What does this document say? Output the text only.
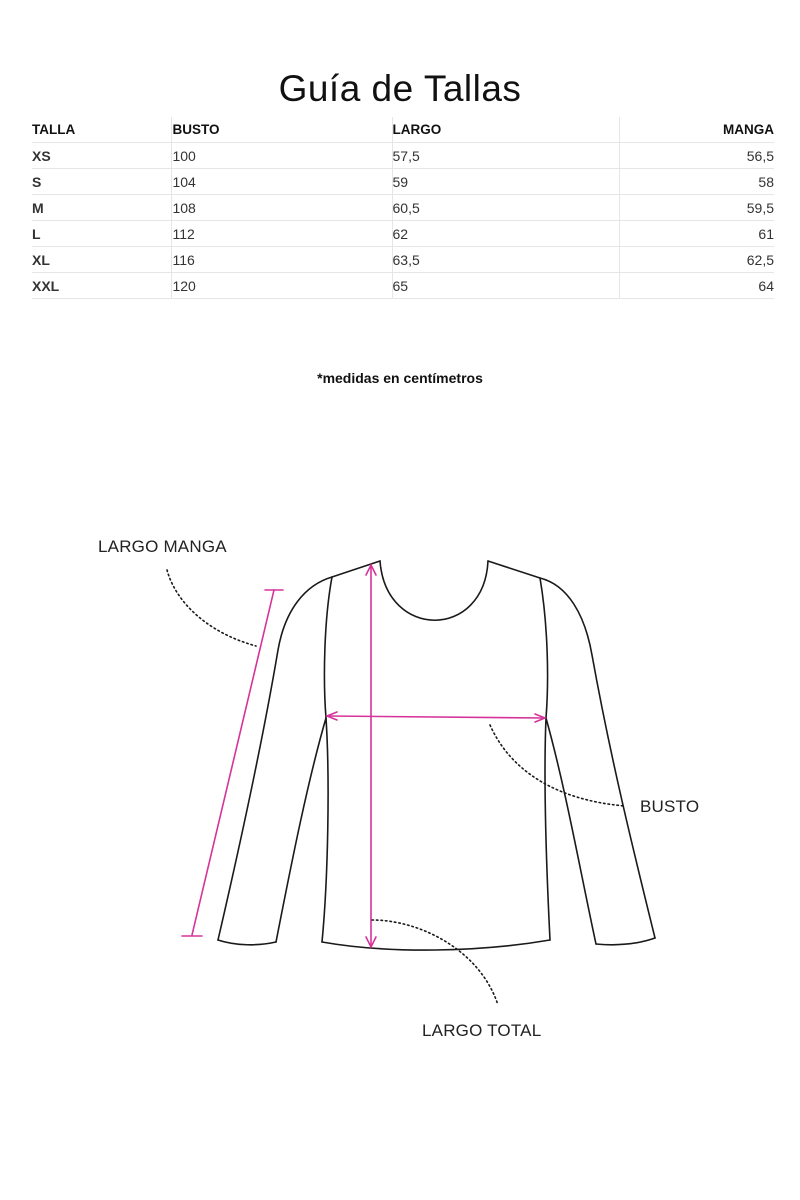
Guía de Tallas
TALLA	BUSTO	LARGO	MANGA
XS	100	57,5	56,5
S	104	59	58
M	108	60,5	59,5
L	112	62	61
XL	116	63,5	62,5
XXL	120	65	64
*medidas en centímetros
LARGO MANGA
BUSTO
LARGO TOTAL
